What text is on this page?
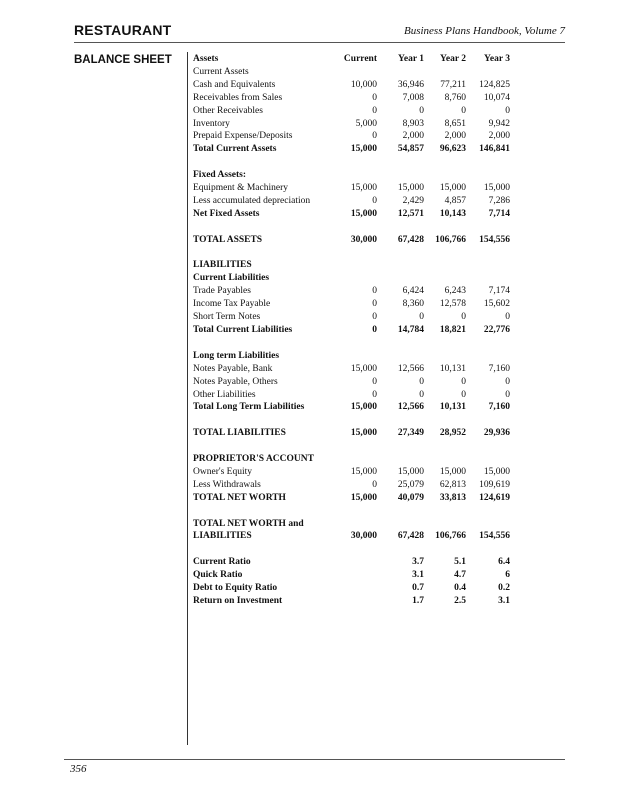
RESTAURANT	Business Plans Handbook, Volume 7
BALANCE SHEET Assets	Current	Year 1	Year 2	Year 3
Current Assets				
Cash and Equivalents	10,000	36,946	77,211	124,825
Receivables from Sales	0	7,008	8,760	10,074
Other Receivables	0	0	0	0
Inventory	5,000	8,903	8,651	9,942
Prepaid Expense/Deposits	0	2,000	2,000	2,000
Total Current Assets	15,000	54,857	96,623	146,841

Fixed Assets:				
Equipment & Machinery	15,000	15,000	15,000	15,000
Less accumulated depreciation	0	2,429	4,857	7,286
Net Fixed Assets	15,000	12,571	10,143	7,714

TOTAL ASSETS	30,000	67,428	106,766	154,556

LIABILITIES				
Current Liabilities				
Trade Payables	0	6,424	6,243	7,174
Income Tax Payable	0	8,360	12,578	15,602
Short Term Notes	0	0	0	0
Total Current Liabilities	0	14,784	18,821	22,776

Long term Liabilities				
Notes Payable, Bank	15,000	12,566	10,131	7,160
Notes Payable, Others	0	0	0	0
Other Liabilities	0	0	0	0
Total Long Term Liabilities	15,000	12,566	10,131	7,160

TOTAL LIABILITIES	15,000	27,349	28,952	29,936

PROPRIETOR'S ACCOUNT				
Owner's Equity	15,000	15,000	15,000	15,000
Less Withdrawals	0	25,079	62,813	109,619
TOTAL NET WORTH	15,000	40,079	33,813	124,619

TOTAL NET WORTH and				
LIABILITIES	30,000	67,428	106,766	154,556

Current Ratio		3.7	5.1	6.4
Quick Ratio		3.1	4.7	6
Debt to Equity Ratio		0.7	0.4	0.2
Return on Investment		1.7	2.5	3.1
356
